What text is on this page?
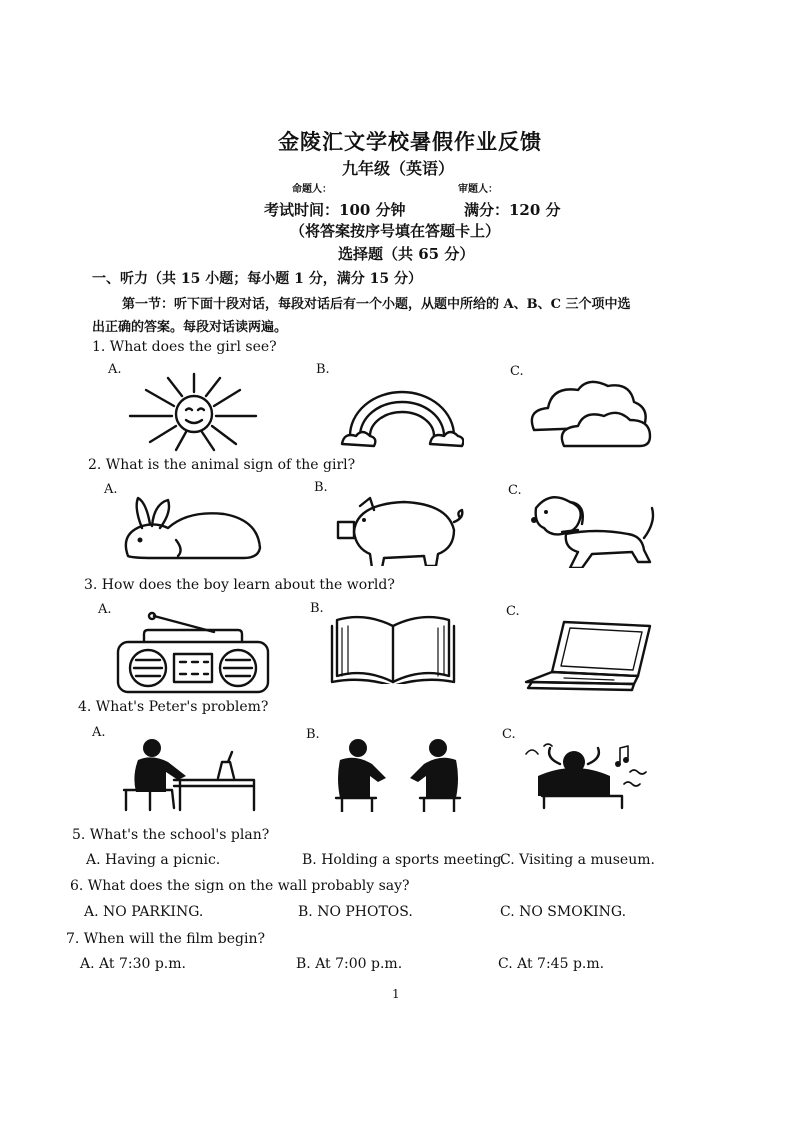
金陵汇文学校暑假作业反馈
九年级（英语）
命题人：	审题人：
考试时间：100 分钟	满分：120 分
（将答案按序号填在答题卡上）
选择题（共 65 分）
一、听力（共 15 小题；每小题 1 分，满分 15 分）
第一节：听下面十段对话，每段对话后有一个小题，从题中所给的 A、B、C 三个项中选
出正确的答案。每段对话读两遍。
1. What does the girl see?
A.	B.	C.
2. What is the animal sign of the girl?
A.	B.	C.
3. How does the boy learn about the world?
A.	B.	C.
4. What's Peter's problem?
A.	B.	C.
5. What's the school's plan?
A. Having a picnic.	B. Holding a sports meeting.
C. Visiting a museum.
6. What does the sign on the wall probably say?
A. NO PARKING.	B. NO PHOTOS.	C. NO SMOKING.
7. When will the film begin?
A. At 7:30 p.m.	B. At 7:00 p.m.	C. At 7:45 p.m.
1
